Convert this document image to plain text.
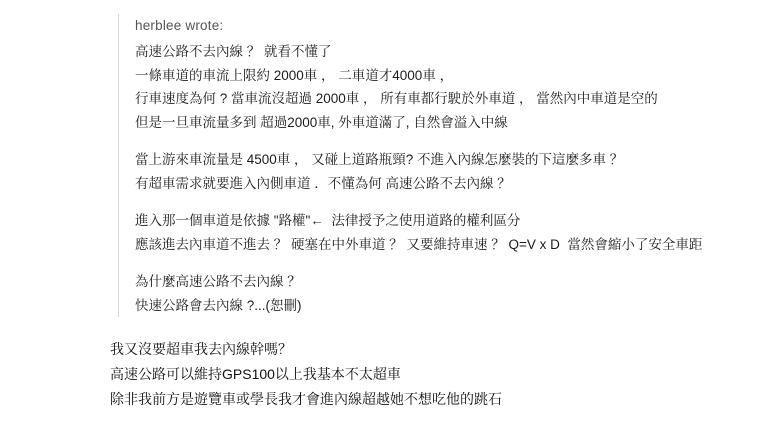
herblee wrote:
高速公路不去內線 ？ 就看不懂了
一條車道的車流上限約 2000車 ， 二車道才4000車 ，
行車速度為何 ? 當車流沒超過 2000車 ， 所有車都行駛於外車道 ， 當然內中車道是空的
但是一旦車流量多到 超過2000車, 外車道滿了, 自然會溢入中線
當上游來車流量是 4500車 ， 又碰上道路瓶頸? 不進入內線怎麼裝的下這麼多車 ？
有超車需求就要進入內側車道 ．不懂為何 高速公路不去內線 ？
進入那一個車道是依據 "路權"←  法律授予之使用道路的權利區分
應該進去內車道不進去 ？ 硬塞在中外車道 ？ 又要維持車速 ？ Q=V x D  當然會縮小了安全車距
為什麼高速公路不去內線 ？
快速公路會去內線 ?...(恕刪)
我又沒要超車我去內線幹嗎？
高速公路可以維持GPS100以上我基本不太超車
除非我前方是遊覽車或學長我才會進內線超越她不想吃他的跳石
